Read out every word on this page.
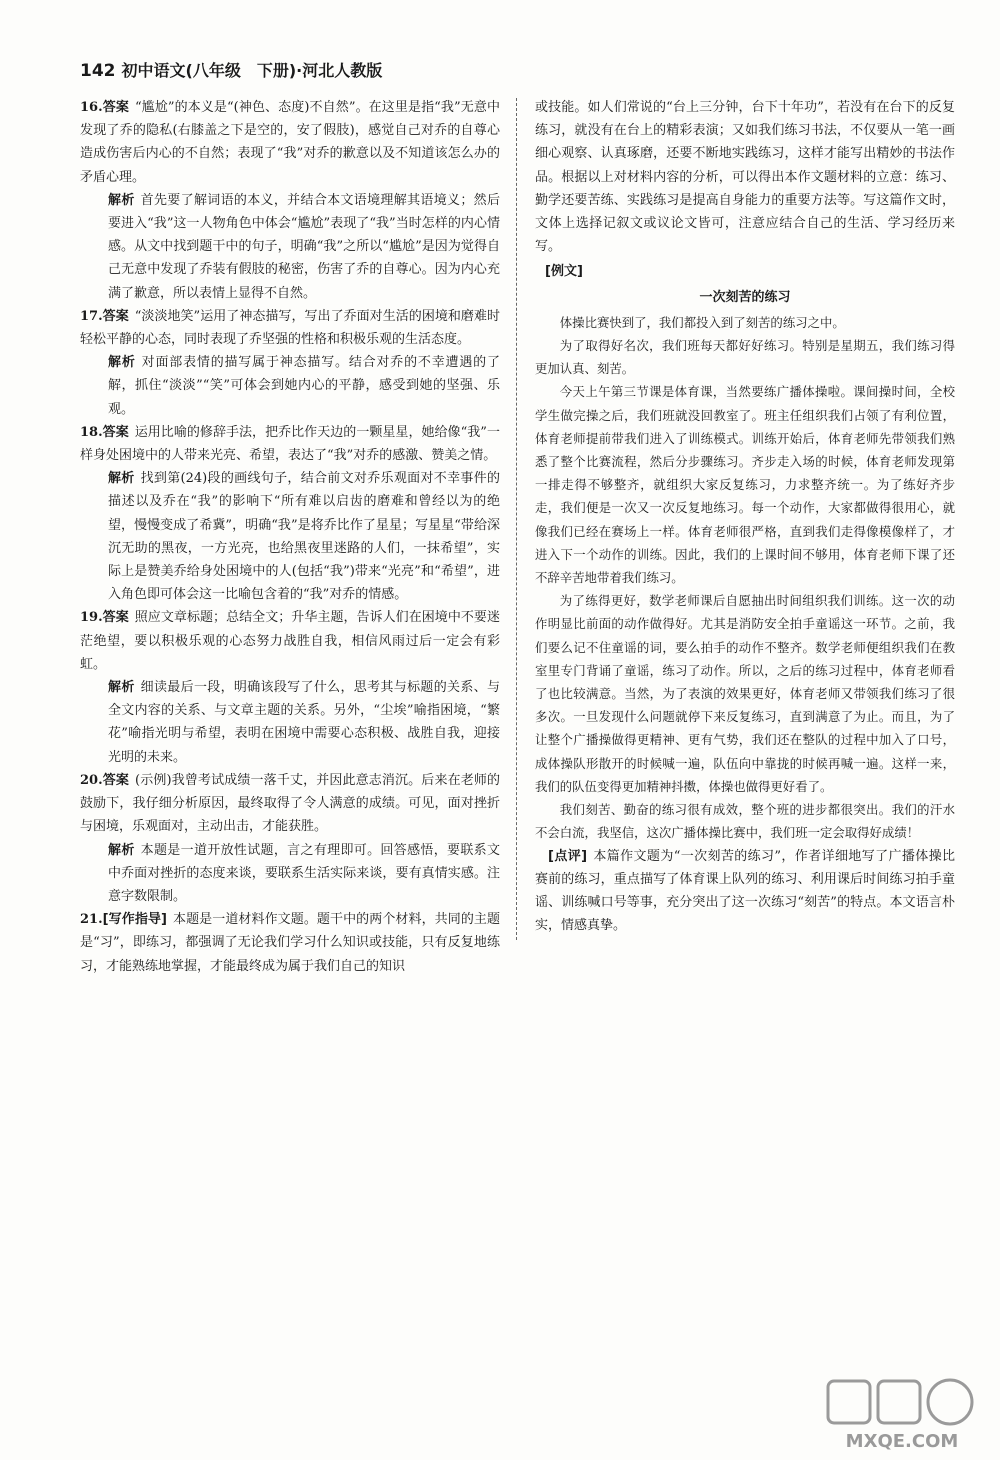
142 初中语文(八年级　下册)·河北人教版

16.答案 “尴尬”的本义是“(神色、态度)不自然”。在这里是指“我”无意中发现了乔的隐私(右膝盖之下是空的，安了假肢)，感觉自己对乔的自尊心造成伤害后内心的不自然；表现了“我”对乔的歉意以及不知道该怎么办的矛盾心理。

解析 首先要了解词语的本义，并结合本文语境理解其语境义；然后要进入“我”这一人物角色中体会“尴尬”表现了“我”当时怎样的内心情感。从文中找到题干中的句子，明确“我”之所以“尴尬”是因为觉得自己无意中发现了乔装有假肢的秘密，伤害了乔的自尊心。因为内心充满了歉意，所以表情上显得不自然。

17.答案 “淡淡地笑”运用了神态描写，写出了乔面对生活的困境和磨难时轻松平静的心态，同时表现了乔坚强的性格和积极乐观的生活态度。

解析 对面部表情的描写属于神态描写。结合对乔的不幸遭遇的了解，抓住“淡淡”“笑”可体会到她内心的平静，感受到她的坚强、乐观。

18.答案 运用比喻的修辞手法，把乔比作天边的一颗星星，她给像“我”一样身处困境中的人带来光亮、希望，表达了“我”对乔的感激、赞美之情。

解析 找到第(24)段的画线句子，结合前文对乔乐观面对不幸事件的描述以及乔在“我”的影响下“所有难以启齿的磨难和曾经以为的绝望，慢慢变成了希冀”，明确“我”是将乔比作了星星；写星星“带给深沉无助的黑夜，一方光亮，也给黑夜里迷路的人们，一抹希望”，实际上是赞美乔给身处困境中的人(包括“我”)带来“光亮”和“希望”，进入角色即可体会这一比喻包含着的“我”对乔的情感。

19.答案 照应文章标题；总结全文；升华主题，告诉人们在困境中不要迷茫绝望，要以积极乐观的心态努力战胜自我，相信风雨过后一定会有彩虹。

解析 细读最后一段，明确该段写了什么，思考其与标题的关系、与全文内容的关系、与文章主题的关系。另外，“尘埃”喻指困境，“繁花”喻指光明与希望，表明在困境中需要心态积极、战胜自我，迎接光明的未来。

20.答案 (示例)我曾考试成绩一落千丈，并因此意志消沉。后来在老师的鼓励下，我仔细分析原因，最终取得了令人满意的成绩。可见，面对挫折与困境，乐观面对，主动出击，才能获胜。

解析 本题是一道开放性试题，言之有理即可。回答感悟，要联系文中乔面对挫折的态度来谈，要联系生活实际来谈，要有真情实感。注意字数限制。

21.[写作指导] 本题是一道材料作文题。题干中的两个材料，共同的主题是“习”，即练习，都强调了无论我们学习什么知识或技能，只有反复地练习，才能熟练地掌握，才能最终成为属于我们自己的知识

或技能。如人们常说的“台上三分钟，台下十年功”，若没有在台下的反复练习，就没有在台上的精彩表演；又如我们练习书法，不仅要从一笔一画细心观察、认真琢磨，还要不断地实践练习，这样才能写出精妙的书法作品。根据以上对材料内容的分析，可以得出本作文题材料的立意：练习、勤学还要苦练、实践练习是提高自身能力的重要方法等。写这篇作文时，文体上选择记叙文或议论文皆可，注意应结合自己的生活、学习经历来写。

[例文]
一次刻苦的练习

体操比赛快到了，我们都投入到了刻苦的练习之中。

为了取得好名次，我们班每天都好好练习。特别是星期五，我们练习得更加认真、刻苦。

今天上午第三节课是体育课，当然要练广播体操啦。课间操时间，全校学生做完操之后，我们班就没回教室了。班主任组织我们占领了有利位置，体育老师提前带我们进入了训练模式。训练开始后，体育老师先带领我们熟悉了整个比赛流程，然后分步骤练习。齐步走入场的时候，体育老师发现第一排走得不够整齐，就组织大家反复练习，力求整齐统一。为了练好齐步走，我们便是一次又一次反复地练习。每一个动作，大家都做得很用心，就像我们已经在赛场上一样。体育老师很严格，直到我们走得像模像样了，才进入下一个动作的训练。因此，我们的上课时间不够用，体育老师下课了还不辞辛苦地带着我们练习。

为了练得更好，数学老师课后自愿抽出时间组织我们训练。这一次的动作明显比前面的动作做得好。尤其是消防安全拍手童谣这一环节。之前，我们要么记不住童谣的词，要么拍手的动作不整齐。数学老师便组织我们在教室里专门背诵了童谣，练习了动作。所以，之后的练习过程中，体育老师看了也比较满意。当然，为了表演的效果更好，体育老师又带领我们练习了很多次。一旦发现什么问题就停下来反复练习，直到满意了为止。而且，为了让整个广播操做得更精神、更有气势，我们还在整队的过程中加入了口号，成体操队形散开的时候喊一遍，队伍向中靠拢的时候再喊一遍。这样一来，我们的队伍变得更加精神抖擞，体操也做得更好看了。

我们刻苦、勤奋的练习很有成效，整个班的进步都很突出。我们的汗水不会白流，我坚信，这次广播体操比赛中，我们班一定会取得好成绩！

[点评] 本篇作文题为“一次刻苦的练习”，作者详细地写了广播体操比赛前的练习，重点描写了体育课上队列的练习、利用课后时间练习拍手童谣、训练喊口号等事，充分突出了这一次练习“刻苦”的特点。本文语言朴实，情感真挚。

MXQE.COM
